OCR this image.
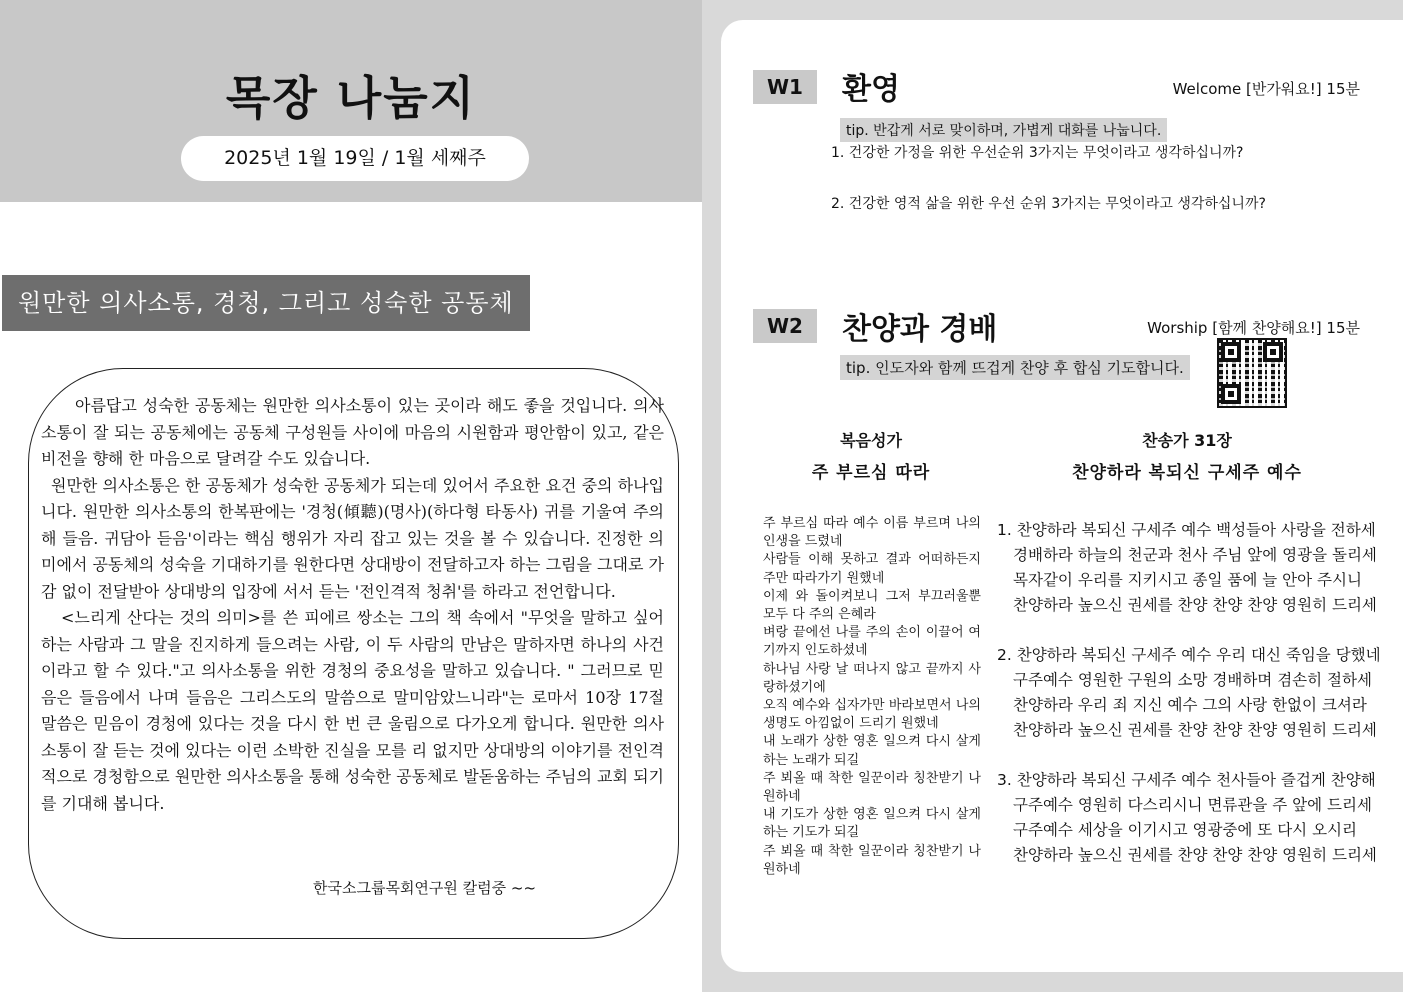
목장 나눔지
2025년 1월 19일 / 1월 세째주
원만한 의사소통, 경청, 그리고 성숙한 공동체

아름답고 성숙한 공동체는 원만한 의사소통이 있는 곳이라 해도 좋을 것입니다. 의사소통이 잘 되는 공동체에는 공동체 구성원들 사이에 마음의 시원함과 평안함이 있고, 같은 비전을 향해 한 마음으로 달려갈 수도 있습니다.

원만한 의사소통은 한 공동체가 성숙한 공동체가 되는데 있어서 주요한 요건 중의 하나입니다. 원만한 의사소통의 한복판에는 '경청(傾聽)(명사)(하다형 타동사) 귀를 기울여 주의해 들음. 귀담아 듣음'이라는 핵심 행위가 자리 잡고 있는 것을 볼 수 있습니다. 진정한 의미에서 공동체의 성숙을 기대하기를 원한다면 상대방이 전달하고자 하는 그림을 그대로 가감 없이 전달받아 상대방의 입장에 서서 듣는 '전인격적 청취'를 하라고 전언합니다.

<느리게 산다는 것의 의미>를 쓴 피에르 쌍소는 그의 책 속에서 "무엇을 말하고 싶어하는 사람과 그 말을 진지하게 들으려는 사람, 이 두 사람의 만남은 말하자면 하나의 사건이라고 할 수 있다."고 의사소통을 위한 경청의 중요성을 말하고 있습니다. " 그러므로 믿음은 들음에서 나며 들음은 그리스도의 말씀으로 말미암았느니라"는 로마서 10장 17절 말씀은 믿음이 경청에 있다는 것을 다시 한 번 큰 울림으로 다가오게 합니다. 원만한 의사소통이 잘 듣는 것에 있다는 이런 소박한 진실을 모를 리 없지만 상대방의 이야기를 전인격적으로 경청함으로 원만한 의사소통을 통해 성숙한 공동체로 발돋움하는 주님의 교회 되기를 기대해 봅니다.

한국소그룹목회연구원 칼럼중 ~~
W1	환영	Welcome [반가워요!] 15분
tip. 반갑게 서로 맞이하며, 가볍게 대화를 나눕니다.
1. 건강한 가정을 위한 우선순위 3가지는 무엇이라고 생각하십니까?
2. 건강한 영적 삶을 위한 우선 순위 3가지는 무엇이라고 생각하십니까?
W2	찬양과 경배	Worship [함께 찬양해요!] 15분
tip. 인도자와 함께 뜨겁게 찬양 후 합심 기도합니다.
복음성가
주 부르심 따라
찬송가 31장
찬양하라 복되신 구세주 예수
주 부르심 따라 예수 이름 부르며 나의 인생을 드렸네
사람들 이해 못하고 결과 어떠하든지 주만 따라가기 원했네
이제 와 돌이켜보니 그저 부끄러울뿐 모두 다 주의 은혜라
벼랑 끝에선 나를 주의 손이 이끌어 여기까지 인도하셨네
하나님 사랑 날 떠나지 않고 끝까지 사랑하셨기에
오직 예수와 십자가만 바라보면서 나의 생명도 아낌없이 드리기 원했네
내 노래가 상한 영혼 일으켜 다시 살게 하는 노래가 되길
주 뵈올 때 착한 일꾼이라 칭찬받기 나 원하네
내 기도가 상한 영혼 일으켜 다시 살게 하는 기도가 되길
주 뵈올 때 착한 일꾼이라 칭찬받기 나 원하네
1. 찬양하라 복되신 구세주 예수 백성들아 사랑을 전하세
경배하라 하늘의 천군과 천사 주님 앞에 영광을 돌리세
목자같이 우리를 지키시고 종일 품에 늘 안아 주시니
찬양하라 높으신 권세를 찬양 찬양 찬양 영원히 드리세
2. 찬양하라 복되신 구세주 예수 우리 대신 죽임을 당했네
구주예수 영원한 구원의 소망 경배하며 겸손히 절하세
찬양하라 우리 죄 지신 예수 그의 사랑 한없이 크셔라
찬양하라 높으신 권세를 찬양 찬양 찬양 영원히 드리세
3. 찬양하라 복되신 구세주 예수 천사들아 즐겁게 찬양해
구주예수 영원히 다스리시니 면류관을 주 앞에 드리세
구주예수 세상을 이기시고 영광중에 또 다시 오시리
찬양하라 높으신 권세를 찬양 찬양 찬양 영원히 드리세
